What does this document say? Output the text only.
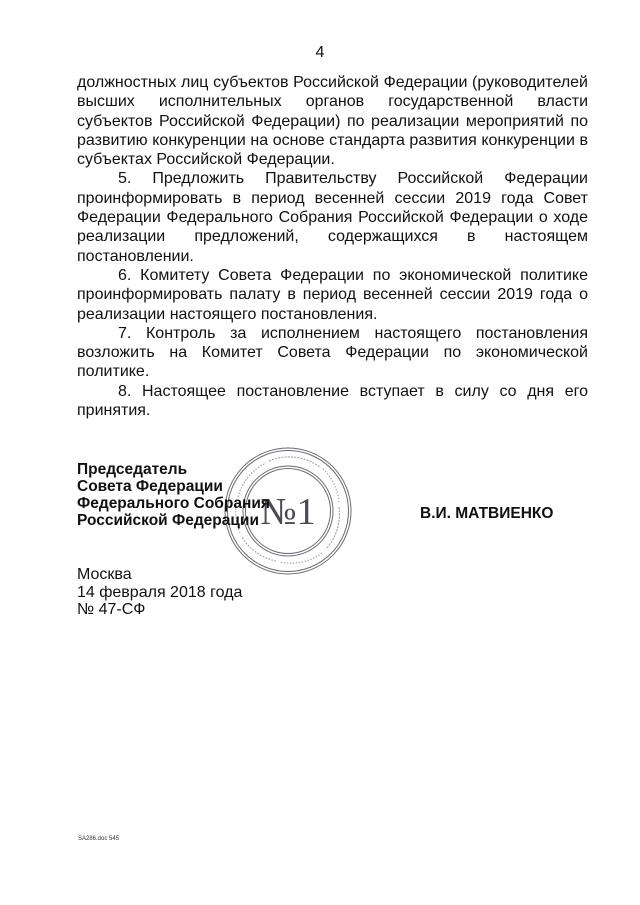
4

должностных лиц субъектов Российской Федерации (руководителей высших исполнительных органов государственной власти субъектов Российской Федерации) по реализации мероприятий по развитию конкуренции на основе стандарта развития конкуренции в субъектах Российской Федерации.

5. Предложить Правительству Российской Федерации проинформировать в период весенней сессии 2019 года Совет Федерации Федерального Собрания Российской Федерации о ходе реализации предложений, содержащихся в настоящем постановлении.

6. Комитету Совета Федерации по экономической политике проинформировать палату в период весенней сессии 2019 года о реализации настоящего постановления.

7. Контроль за исполнением настоящего постановления возложить на Комитет Совета Федерации по экономической политике.

8. Настоящее постановление вступает в силу со дня его принятия.

№1
Председатель
Совета Федерации
Федерального Собрания
Российской Федерации	В.И. МАТВИЕНКО
Москва
14 февраля 2018 года
№ 47-СФ
SA286.doc 545
